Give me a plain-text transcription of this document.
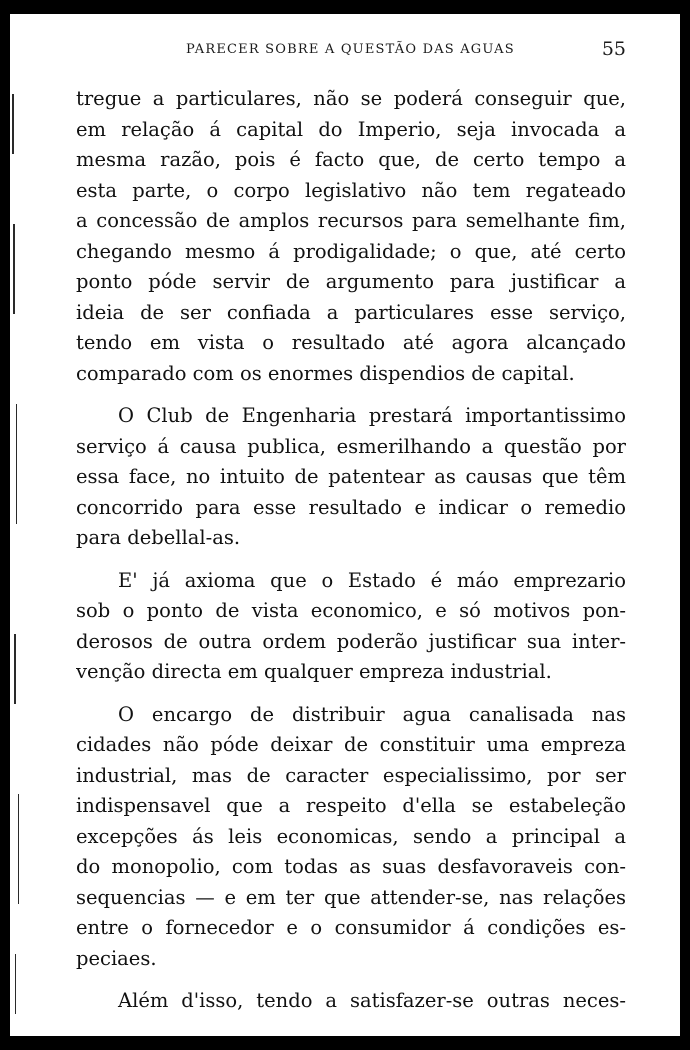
PARECER SOBRE A QUESTÃO DAS AGUAS	55
tregue a particulares, não se poderá conseguir que,
em relação á capital do Imperio, seja invocada a
mesma razão, pois é facto que, de certo tempo a
esta parte, o corpo legislativo não tem regateado
a concessão de amplos recursos para semelhante fim,
chegando mesmo á prodigalidade; o que, até certo
ponto póde servir de argumento para justificar a
ideia de ser confiada a particulares esse serviço,
tendo em vista o resultado até agora alcançado
comparado com os enormes dispendios de capital.
O Club de Engenharia prestará importantissimo
serviço á causa publica, esmerilhando a questão por
essa face, no intuito de patentear as causas que têm
concorrido para esse resultado e indicar o remedio
para debellal-as.
E' já axioma que o Estado é máo emprezario
sob o ponto de vista economico, e só motivos pon-
derosos de outra ordem poderão justificar sua inter-
venção directa em qualquer empreza industrial.
O encargo de distribuir agua canalisada nas
cidades não póde deixar de constituir uma empreza
industrial, mas de caracter especialissimo, por ser
indispensavel que a respeito d'ella se estabeleção
excepções ás leis economicas, sendo a principal a
do monopolio, com todas as suas desfavoraveis con-
sequencias — e em ter que attender-se, nas relações
entre o fornecedor e o consumidor á condições es-
peciaes.
Além d'isso, tendo a satisfazer-se outras neces-
